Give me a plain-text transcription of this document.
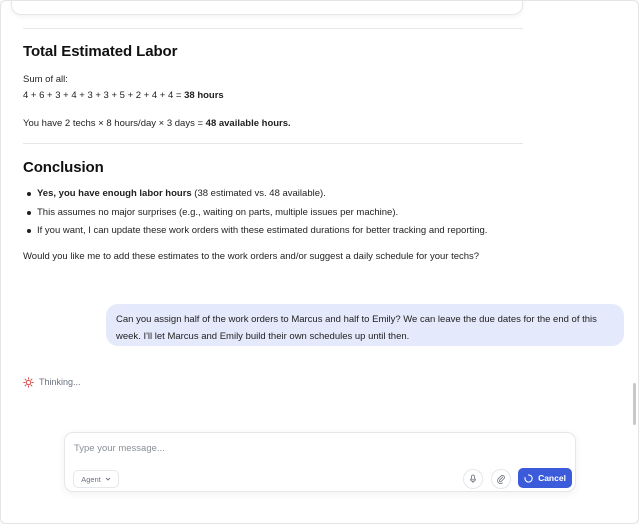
Total Estimated Labor
Sum of all:
4 + 6 + 3 + 4 + 3 + 3 + 5 + 2 + 4 + 4 = 38 hours
You have 2 techs × 8 hours/day × 3 days = 48 available hours.
Conclusion
Yes, you have enough labor hours (38 estimated vs. 48 available).
This assumes no major surprises (e.g., waiting on parts, multiple issues per machine).
If you want, I can update these work orders with these estimated durations for better tracking and reporting.
Would you like me to add these estimates to the work orders and/or suggest a daily schedule for your techs?
Can you assign half of the work orders to Marcus and half to Emily? We can leave the due dates for the end of this
week. I'll let Marcus and Emily build their own schedules up until then.
Thinking...
Type your message...
Agent	Cancel
